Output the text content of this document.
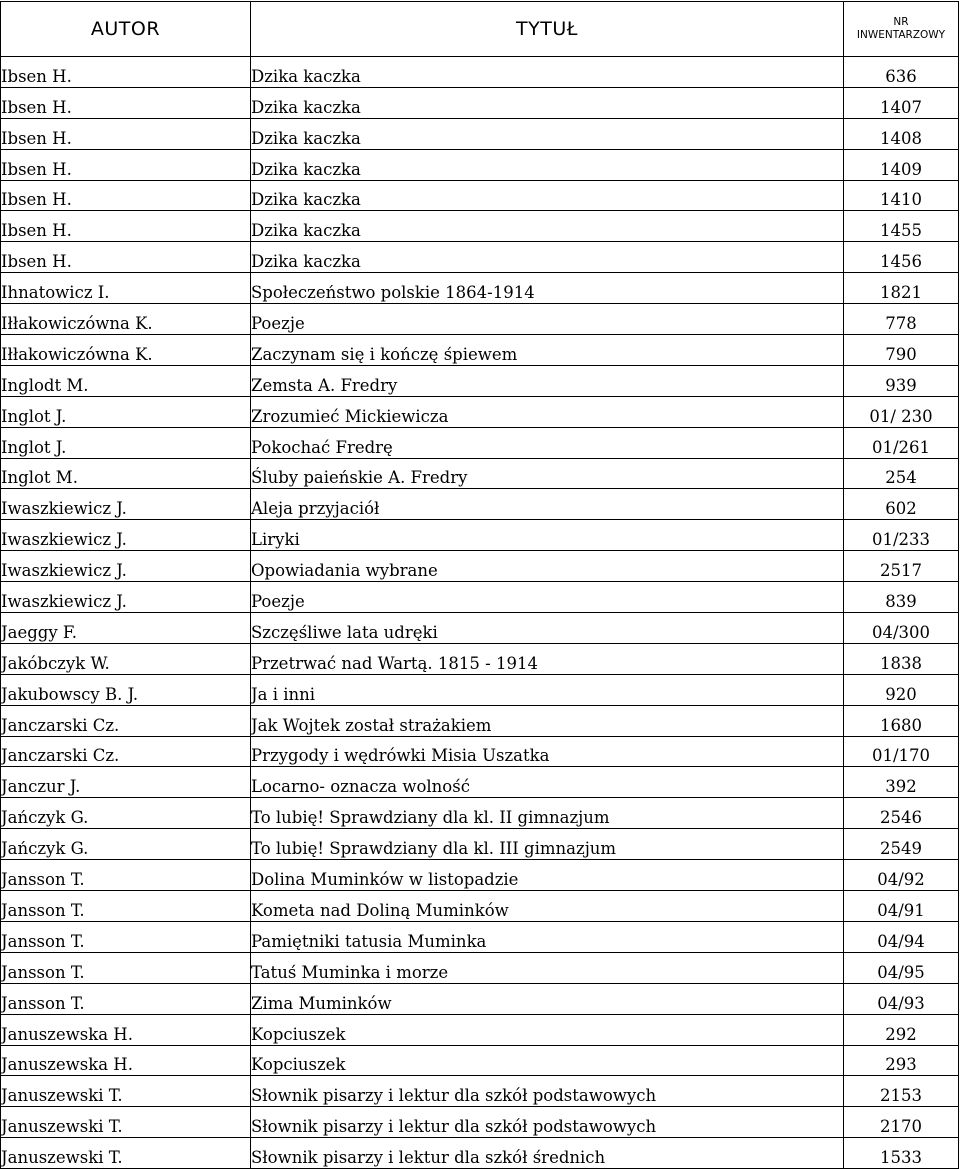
AUTOR	TYTUŁ	NR
INWENTARZOWY
Ibsen H.	Dzika kaczka	636
Ibsen H.	Dzika kaczka	1407
Ibsen H.	Dzika kaczka	1408
Ibsen H.	Dzika kaczka	1409
Ibsen H.	Dzika kaczka	1410
Ibsen H.	Dzika kaczka	1455
Ibsen H.	Dzika kaczka	1456
Ihnatowicz I.	Społeczeństwo polskie 1864-1914	1821
Iłłakowiczówna K.	Poezje	778
Iłłakowiczówna K.	Zaczynam się i kończę śpiewem	790
Inglodt M.	Zemsta A. Fredry	939
Inglot J.	Zrozumieć Mickiewicza	01/ 230
Inglot J.	Pokochać Fredrę	01/261
Inglot M.	Śluby paieńskie A. Fredry	254
Iwaszkiewicz J.	Aleja przyjaciół	602
Iwaszkiewicz J.	Liryki	01/233
Iwaszkiewicz J.	Opowiadania wybrane	2517
Iwaszkiewicz J.	Poezje	839
Jaeggy F.	Szczęśliwe lata udręki	04/300
Jakóbczyk W.	Przetrwać nad Wartą. 1815 - 1914	1838
Jakubowscy B. J.	Ja i inni	920
Janczarski Cz.	Jak Wojtek został strażakiem	1680
Janczarski Cz.	Przygody i wędrówki Misia Uszatka	01/170
Janczur J.	Locarno- oznacza wolność	392
Jańczyk G.	To lubię! Sprawdziany dla kl. II gimnazjum	2546
Jańczyk G.	To lubię! Sprawdziany dla kl. III gimnazjum	2549
Jansson T.	Dolina Muminków w listopadzie	04/92
Jansson T.	Kometa nad Doliną Muminków	04/91
Jansson T.	Pamiętniki tatusia Muminka	04/94
Jansson T.	Tatuś Muminka i morze	04/95
Jansson T.	Zima Muminków	04/93
Januszewska H.	Kopciuszek	292
Januszewska H.	Kopciuszek	293
Januszewski T.	Słownik pisarzy i lektur dla szkół podstawowych	2153
Januszewski T.	Słownik pisarzy i lektur dla szkół podstawowych	2170
Januszewski T.	Słownik pisarzy i lektur dla szkół średnich	1533
